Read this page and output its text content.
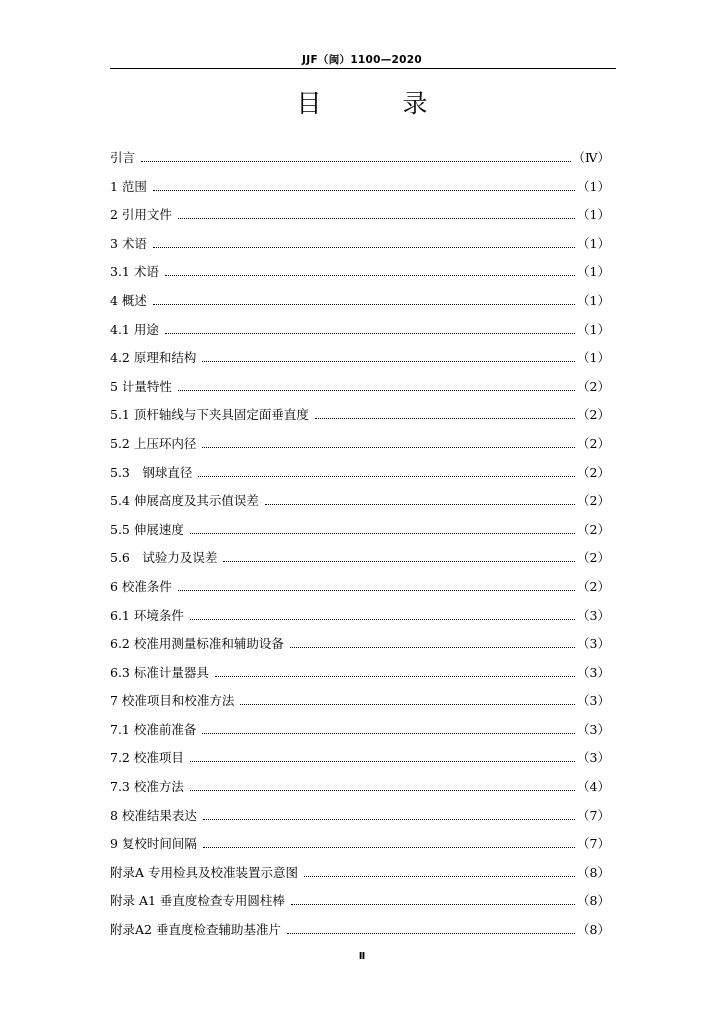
JJF（闽）1100—2020
目　录
引言	（Ⅳ）
1 范围	（1）
2 引用文件	（1）
3 术语	（1）
3.1 术语	（1）
4 概述	（1）
4.1 用途	（1）
4.2 原理和结构	（1）
5 计量特性	（2）
5.1 顶杆轴线与下夹具固定面垂直度	（2）
5.2 上压环内径	（2）
5.3　钢球直径	（2）
5.4 伸展高度及其示值误差	（2）
5.5 伸展速度	（2）
5.6　试验力及误差	（2）
6 校准条件	（2）
6.1 环境条件	（3）
6.2 校准用测量标准和辅助设备	（3）
6.3 标准计量器具	（3）
7 校准项目和校准方法	（3）
7.1 校准前准备	（3）
7.2 校准项目	（3）
7.3 校准方法	（4）
8 校准结果表达	（7）
9 复校时间间隔	（7）
附录A 专用检具及校准装置示意图	（8）
附录 A1 垂直度检查专用圆柱棒	（8）
附录A2 垂直度检查辅助基准片	（8）
Ⅱ
